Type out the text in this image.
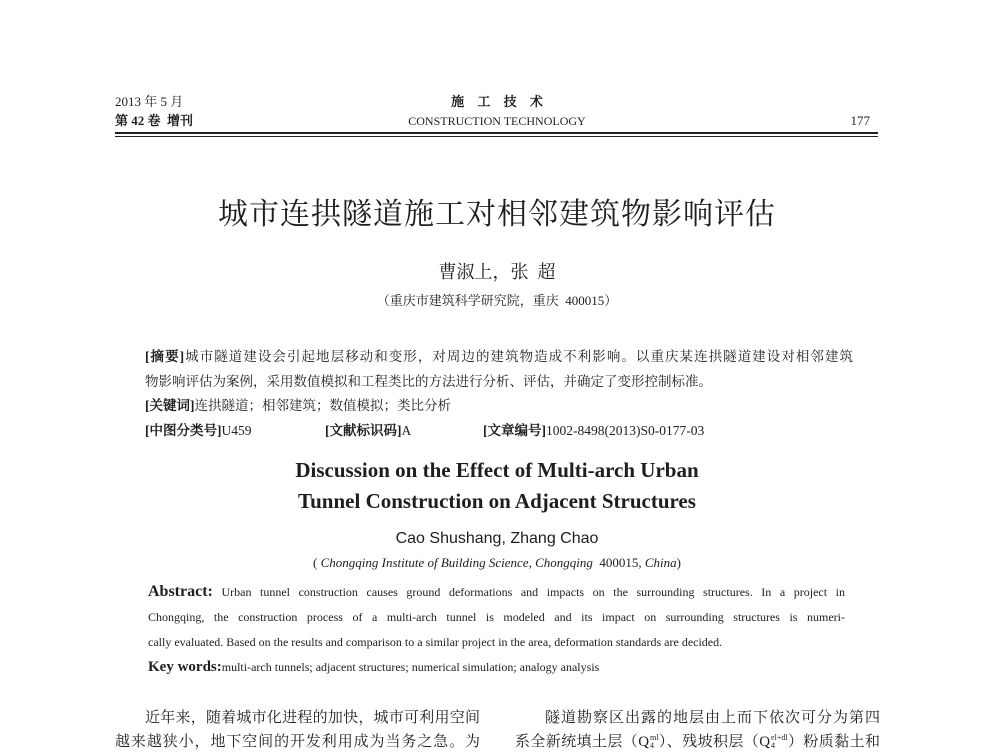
2013 年 5 月
第 42 卷  增刊
施 工 技 术
CONSTRUCTION TECHNOLOGY	177
城市连拱隧道施工对相邻建筑物影响评估
曹淑上，张  超
（重庆市建筑科学研究院，重庆  400015）
[摘要]城市隧道建设会引起地层移动和变形，对周边的建筑物造成不利影响。以重庆某连拱隧道建设对相邻建筑
物影响评估为案例，采用数值模拟和工程类比的方法进行分析、评估，并确定了变形控制标准。
[关键词]连拱隧道；相邻建筑；数值模拟；类比分析
[中图分类号]U459	[文献标识码]A	[文章编号]1002-8498(2013)S0-0177-03
Discussion on the Effect of Multi-arch Urban
Tunnel Construction on Adjacent Structures
Cao Shushang, Zhang Chao
( Chongqing Institute of Building Science, Chongqing  400015, China)
Abstract: Urban tunnel construction causes ground deformations and impacts on the surrounding structures. In a project in
Chongqing, the construction process of a multi-arch tunnel is modeled and its impact on surrounding structures is numeri-
cally evaluated. Based on the results and comparison to a similar project in the area, deformation standards are decided.
Key words:multi-arch tunnels; adjacent structures; numerical simulation; analogy analysis
近年来，随着城市化进程的加快，城市可利用空间
越来越狭小，地下空间的开发利用成为当务之急。为
隧道勘察区出露的地层由上而下依次可分为第四
系全新统填土层（Q ml
4 ）、残坡积层（Q el+dl
4 ）粉质黏土和
